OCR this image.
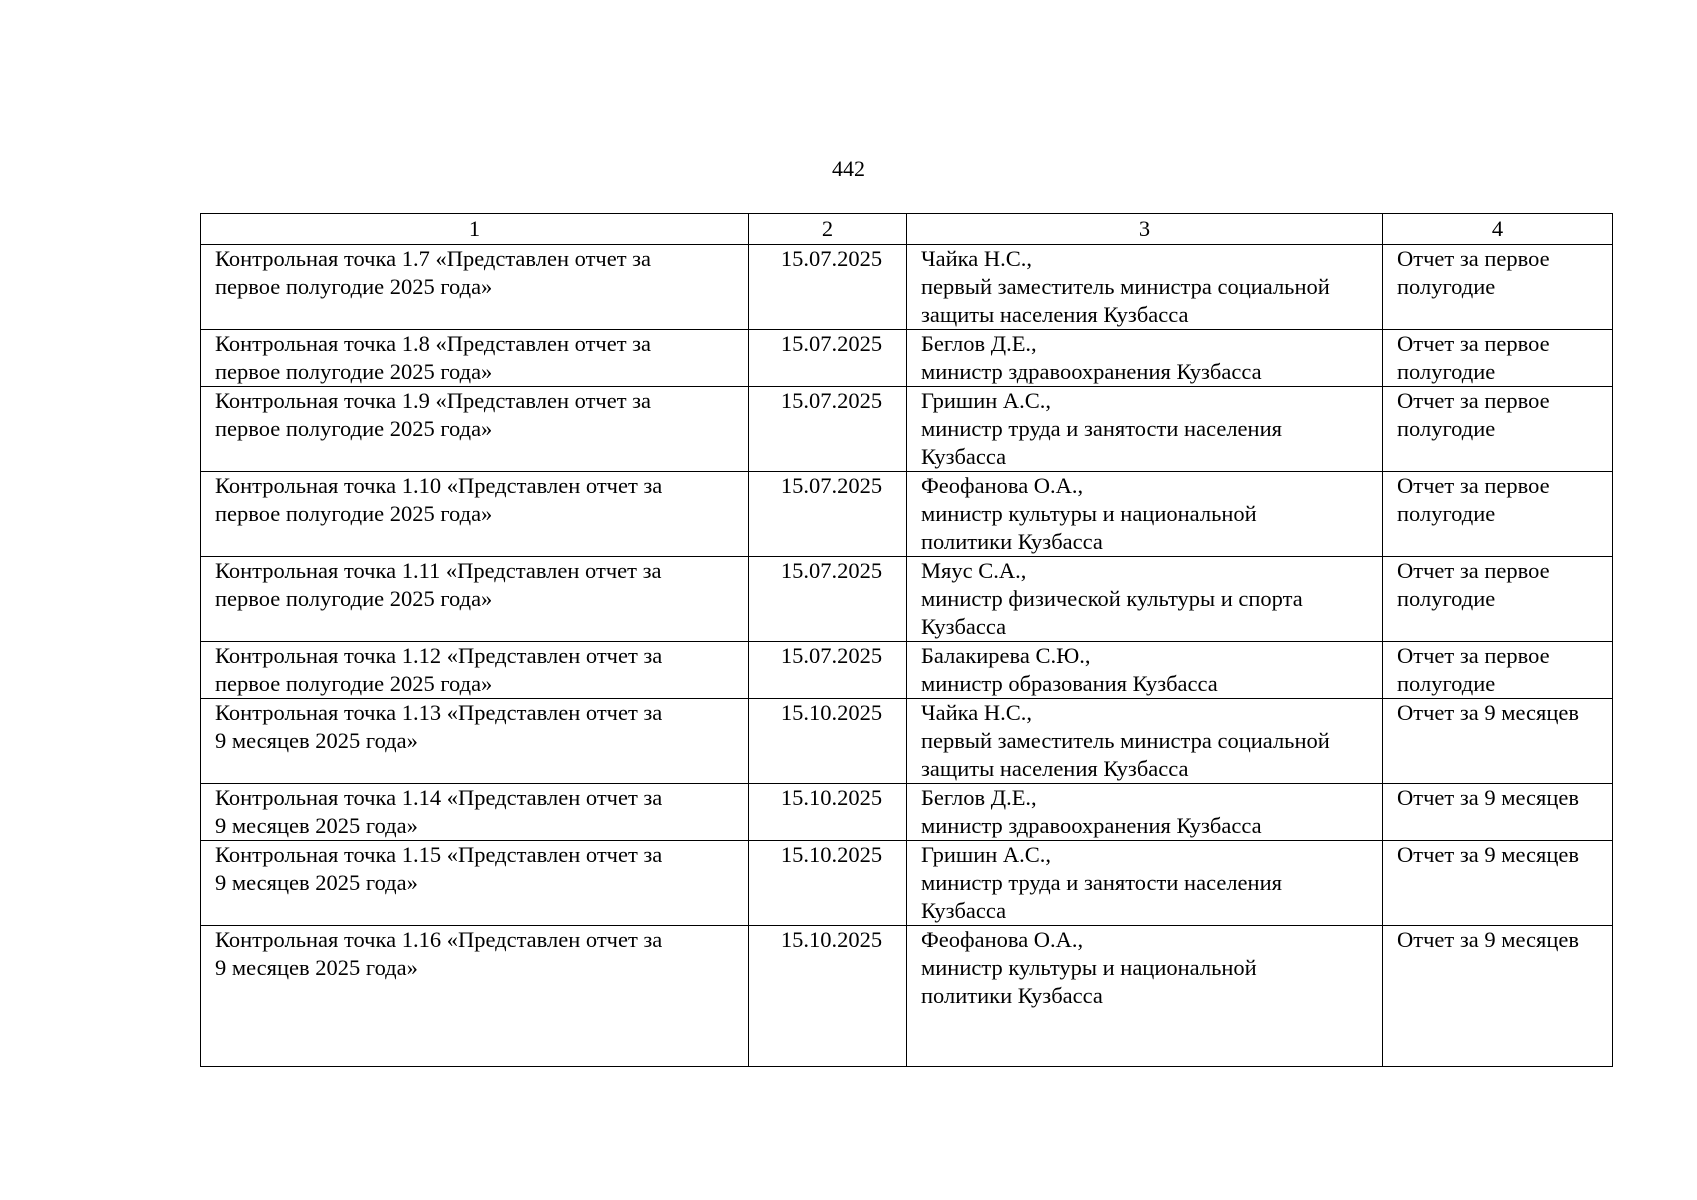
442
1	2	3	4
Контрольная точка 1.7 «Представлен отчет за
первое полугодие 2025 года»	15.07.2025	Чайка Н.С.,
первый заместитель министра социальной
защиты населения Кузбасса	Отчет за первое
полугодие
Контрольная точка 1.8 «Представлен отчет за
первое полугодие 2025 года»	15.07.2025	Беглов Д.Е.,
министр здравоохранения Кузбасса	Отчет за первое
полугодие
Контрольная точка 1.9 «Представлен отчет за
первое полугодие 2025 года»	15.07.2025	Гришин А.С.,
министр труда и занятости населения
Кузбасса	Отчет за первое
полугодие
Контрольная точка 1.10 «Представлен отчет за
первое полугодие 2025 года»	15.07.2025	Феофанова О.А.,
министр культуры и национальной
политики Кузбасса	Отчет за первое
полугодие
Контрольная точка 1.11 «Представлен отчет за
первое полугодие 2025 года»	15.07.2025	Мяус С.А.,
министр физической культуры и спорта
Кузбасса	Отчет за первое
полугодие
Контрольная точка 1.12 «Представлен отчет за
первое полугодие 2025 года»	15.07.2025	Балакирева С.Ю.,
министр образования Кузбасса	Отчет за первое
полугодие
Контрольная точка 1.13 «Представлен отчет за
9 месяцев 2025 года»	15.10.2025	Чайка Н.С.,
первый заместитель министра социальной
защиты населения Кузбасса	Отчет за 9 месяцев
Контрольная точка 1.14 «Представлен отчет за
9 месяцев 2025 года»	15.10.2025	Беглов Д.Е.,
министр здравоохранения Кузбасса	Отчет за 9 месяцев
Контрольная точка 1.15 «Представлен отчет за
9 месяцев 2025 года»	15.10.2025	Гришин А.С.,
министр труда и занятости населения
Кузбасса	Отчет за 9 месяцев
Контрольная точка 1.16 «Представлен отчет за
9 месяцев 2025 года»	15.10.2025	Феофанова О.А.,
министр культуры и национальной
политики Кузбасса	Отчет за 9 месяцев
